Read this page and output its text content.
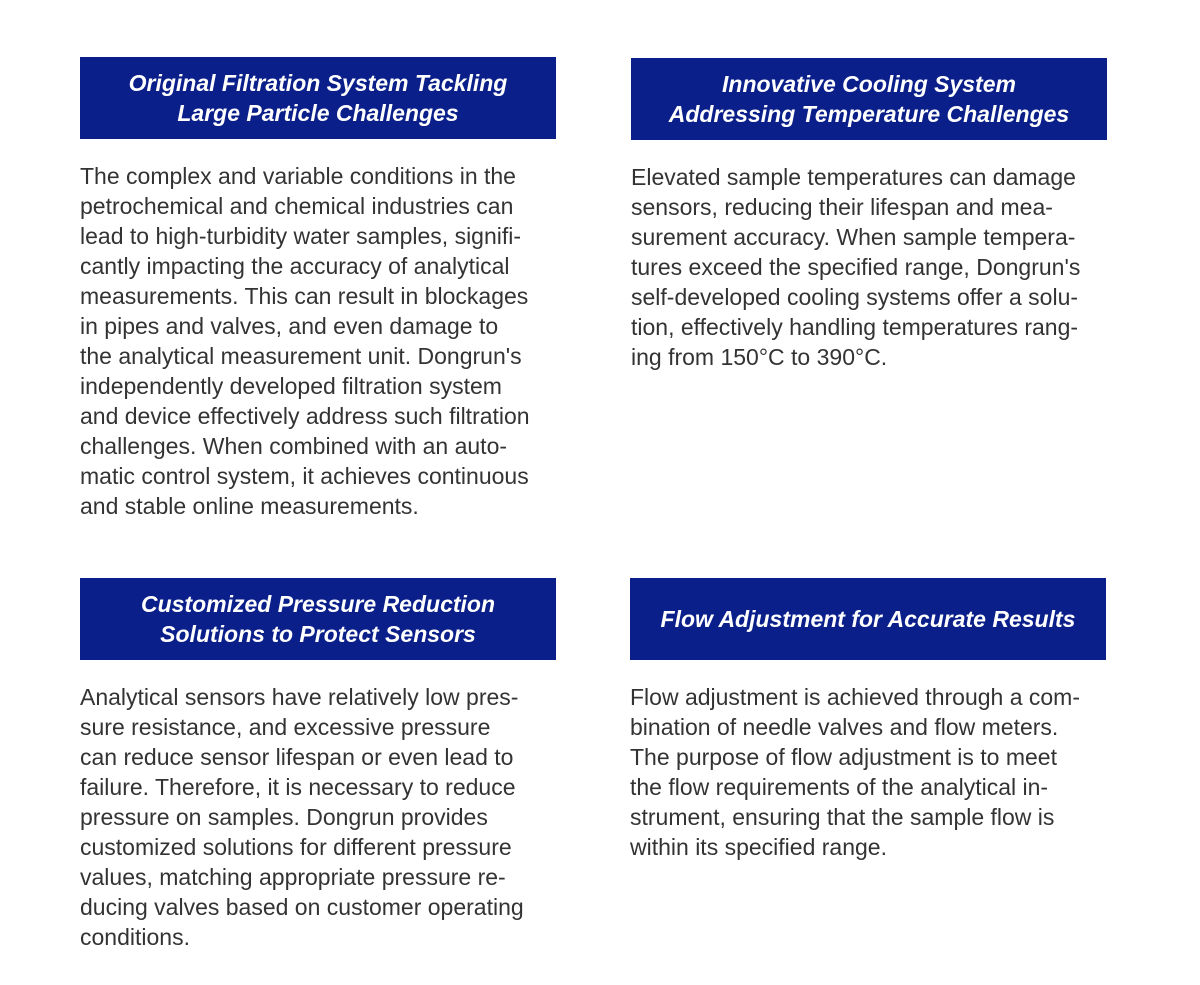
Original Filtration System Tackling
Large Particle Challenges
The complex and variable conditions in the
petrochemical and chemical industries can
lead to high-turbidity water samples, signifi-
cantly impacting the accuracy of analytical
measurements. This can result in blockages
in pipes and valves, and even damage to
the analytical measurement unit. Dongrun's
independently developed filtration system
and device effectively address such filtration
challenges. When combined with an auto-
matic control system, it achieves continuous
and stable online measurements.
Innovative Cooling System
Addressing Temperature Challenges
Elevated sample temperatures can damage
sensors, reducing their lifespan and mea-
surement accuracy. When sample tempera-
tures exceed the specified range, Dongrun's
self-developed cooling systems offer a solu-
tion, effectively handling temperatures rang-
ing from 150°C to 390°C.
Customized Pressure Reduction
Solutions to Protect Sensors
Analytical sensors have relatively low pres-
sure resistance, and excessive pressure
can reduce sensor lifespan or even lead to
failure. Therefore, it is necessary to reduce
pressure on samples. Dongrun provides
customized solutions for different pressure
values, matching appropriate pressure re-
ducing valves based on customer operating
conditions.
Flow Adjustment for Accurate Results
Flow adjustment is achieved through a com-
bination of needle valves and flow meters.
The purpose of flow adjustment is to meet
the flow requirements of the analytical in-
strument, ensuring that the sample flow is
within its specified range.
